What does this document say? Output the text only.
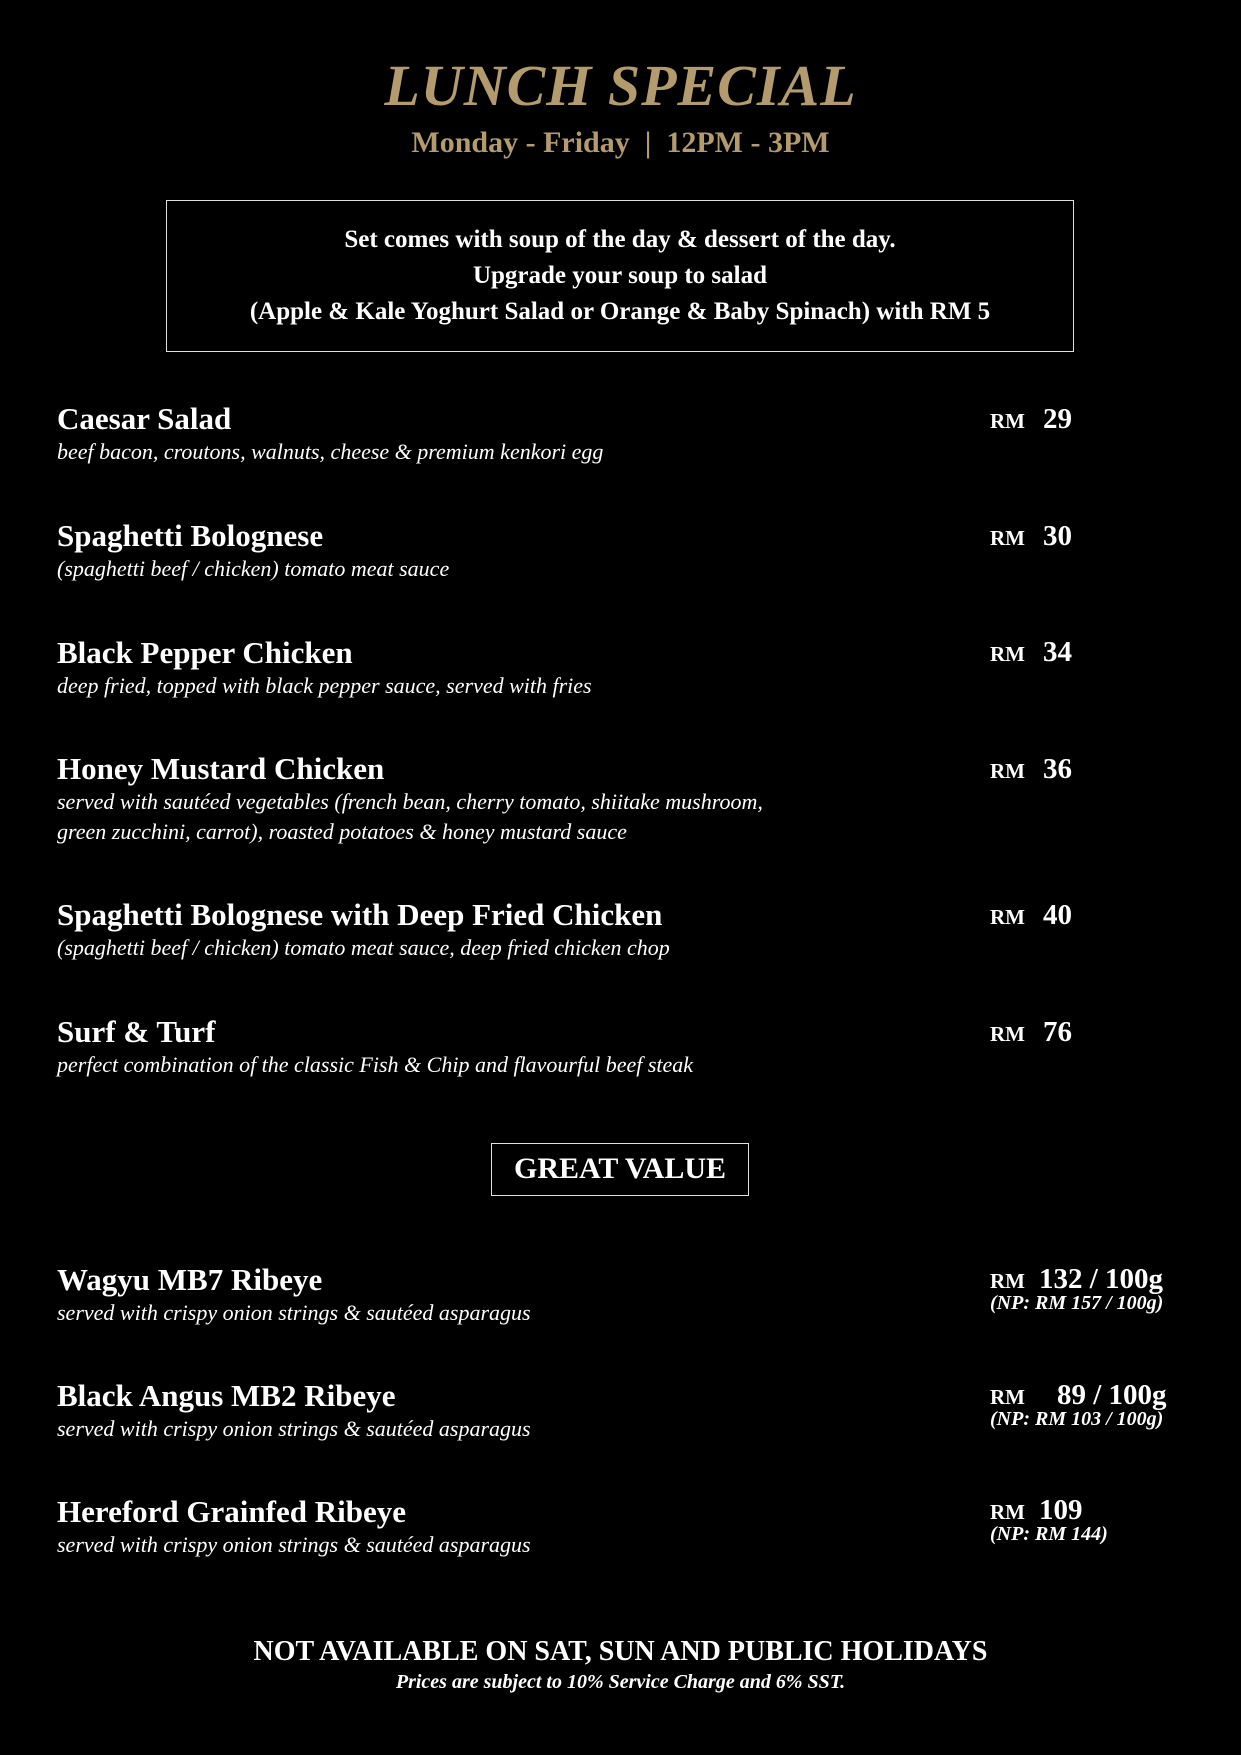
LUNCH SPECIAL
Monday - Friday  |  12PM - 3PM
Set comes with soup of the day & dessert of the day.
Upgrade your soup to salad
(Apple & Kale Yoghurt Salad or Orange & Baby Spinach) with RM 5
Caesar Salad
beef bacon, croutons, walnuts, cheese & premium kenkori egg
RM 29
Spaghetti Bolognese
(spaghetti beef / chicken) tomato meat sauce
RM 30
Black Pepper Chicken
deep fried, topped with black pepper sauce, served with fries
RM 34
Honey Mustard Chicken
served with sautéed vegetables (french bean, cherry tomato, shiitake mushroom,
green zucchini, carrot), roasted potatoes & honey mustard sauce
RM 36
Spaghetti Bolognese with Deep Fried Chicken
(spaghetti beef / chicken) tomato meat sauce, deep fried chicken chop
RM 40
Surf & Turf
perfect combination of the classic Fish & Chip and flavourful beef steak
RM 76
GREAT VALUE
Wagyu MB7 Ribeye
served with crispy onion strings & sautéed asparagus
RM 132 / 100g
(NP: RM 157 / 100g)
Black Angus MB2 Ribeye
served with crispy onion strings & sautéed asparagus
RM 89 / 100g
(NP: RM 103 / 100g)
Hereford Grainfed Ribeye
served with crispy onion strings & sautéed asparagus
RM 109
(NP: RM 144)
NOT AVAILABLE ON SAT, SUN AND PUBLIC HOLIDAYS
Prices are subject to 10% Service Charge and 6% SST.
